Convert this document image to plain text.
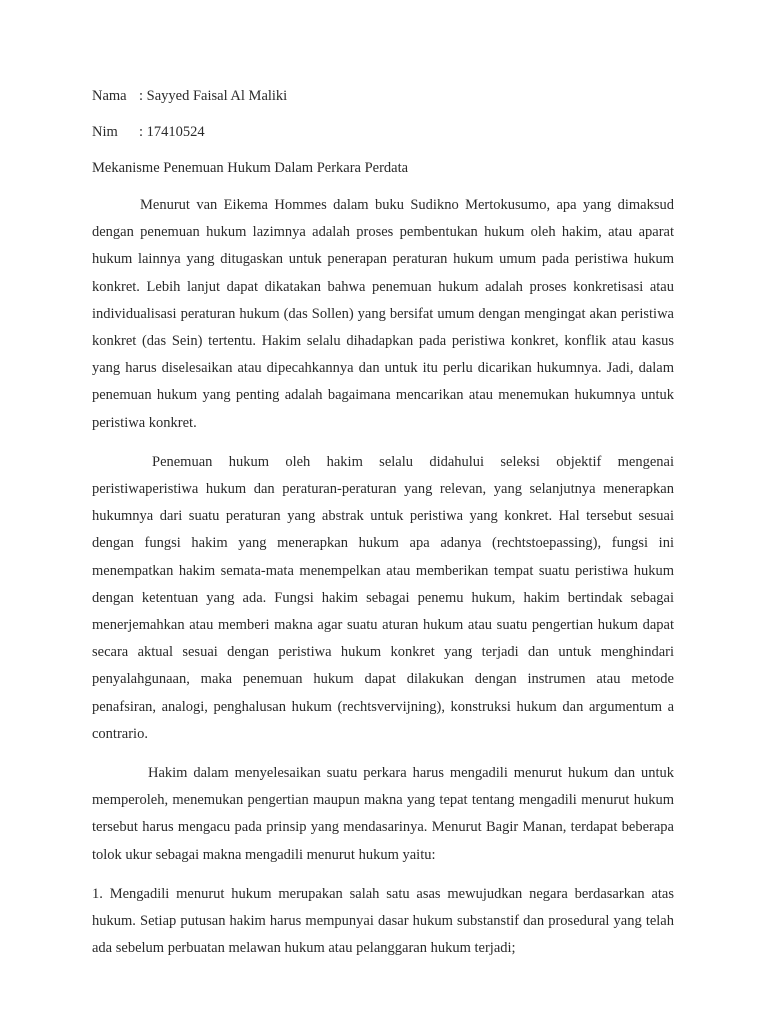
Nama : Sayyed Faisal Al Maliki
Nim : 17410524
Mekanisme Penemuan Hukum Dalam Perkara Perdata

Menurut van Eikema Hommes dalam buku Sudikno Mertokusumo, apa yang dimaksud dengan penemuan hukum lazimnya adalah proses pembentukan hukum oleh hakim, atau aparat hukum lainnya yang ditugaskan untuk penerapan peraturan hukum umum pada peristiwa hukum konkret. Lebih lanjut dapat dikatakan bahwa penemuan hukum adalah proses konkretisasi atau individualisasi peraturan hukum (das Sollen) yang bersifat umum dengan mengingat akan peristiwa konkret (das Sein) tertentu. Hakim selalu dihadapkan pada peristiwa konkret, konflik atau kasus yang harus diselesaikan atau dipecahkannya dan untuk itu perlu dicarikan hukumnya. Jadi, dalam penemuan hukum yang penting adalah bagaimana mencarikan atau menemukan hukumnya untuk peristiwa konkret.

Penemuan hukum oleh hakim selalu didahului seleksi objektif mengenai peristiwaperistiwa hukum dan peraturan-peraturan yang relevan, yang selanjutnya menerapkan hukumnya dari suatu peraturan yang abstrak untuk peristiwa yang konkret. Hal tersebut sesuai dengan fungsi hakim yang menerapkan hukum apa adanya (rechtstoepassing), fungsi ini menempatkan hakim semata-mata menempelkan atau memberikan tempat suatu peristiwa hukum dengan ketentuan yang ada. Fungsi hakim sebagai penemu hukum, hakim bertindak sebagai menerjemahkan atau memberi makna agar suatu aturan hukum atau suatu pengertian hukum dapat secara aktual sesuai dengan peristiwa hukum konkret yang terjadi dan untuk menghindari penyalahgunaan, maka penemuan hukum dapat dilakukan dengan instrumen atau metode penafsiran, analogi, penghalusan hukum (rechtsvervijning), konstruksi hukum dan argumentum a contrario.

Hakim dalam menyelesaikan suatu perkara harus mengadili menurut hukum dan untuk memperoleh, menemukan pengertian maupun makna yang tepat tentang mengadili menurut hukum tersebut harus mengacu pada prinsip yang mendasarinya. Menurut Bagir Manan, terdapat beberapa tolok ukur sebagai makna mengadili menurut hukum yaitu:

1. Mengadili menurut hukum merupakan salah satu asas mewujudkan negara berdasarkan atas hukum. Setiap putusan hakim harus mempunyai dasar hukum substanstif dan prosedural yang telah ada sebelum perbuatan melawan hukum atau pelanggaran hukum terjadi;
